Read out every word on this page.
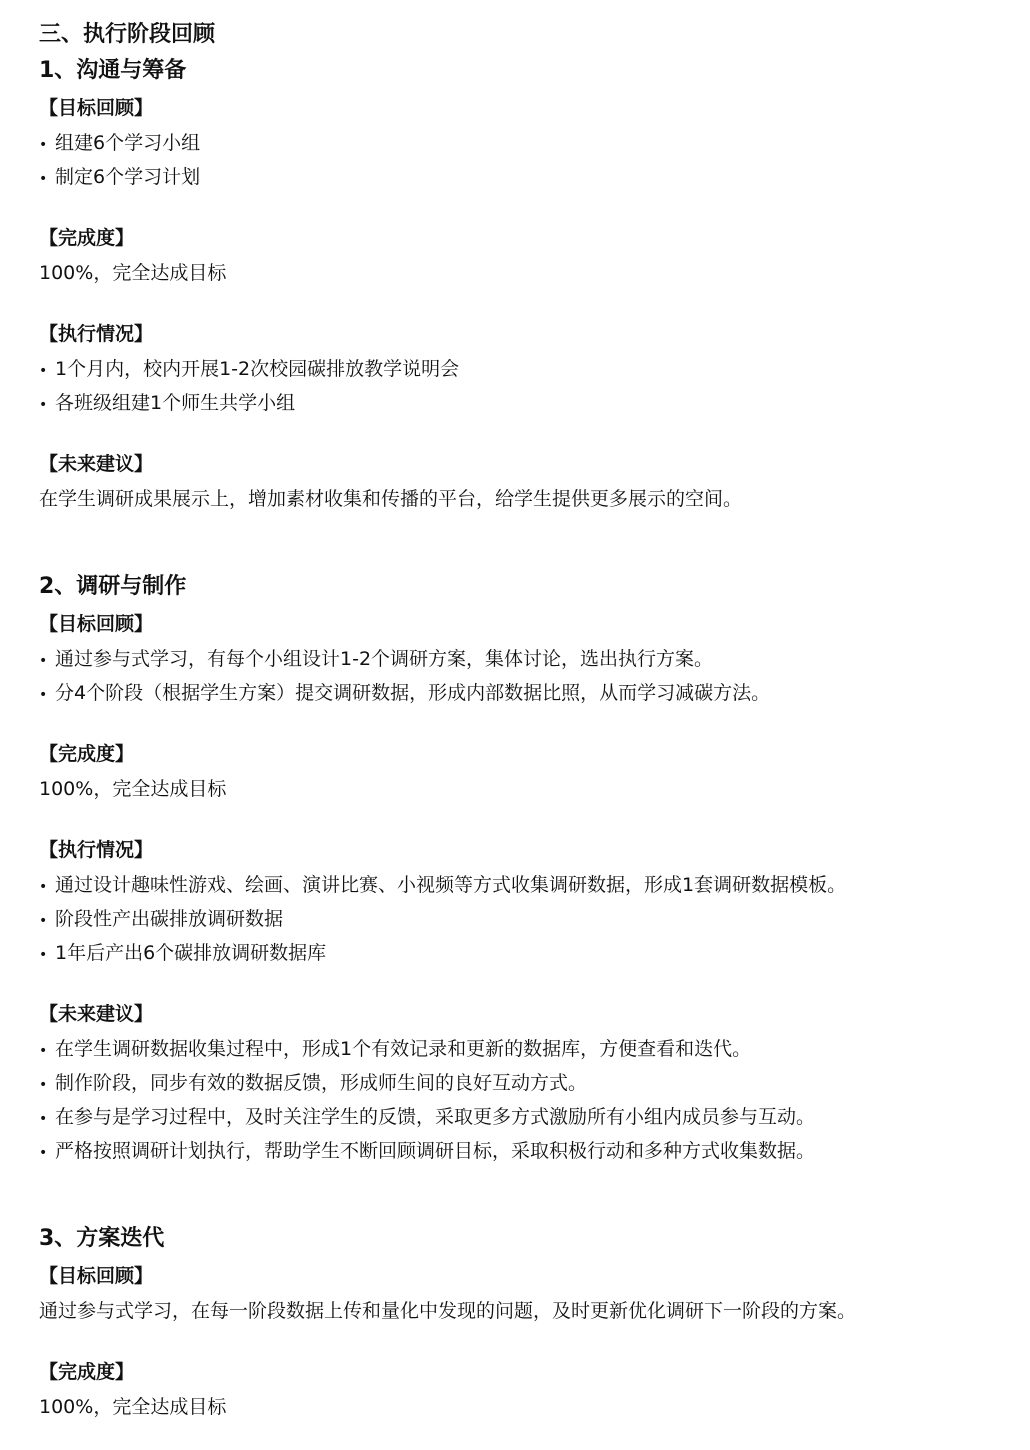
三、执行阶段回顾
1、沟通与筹备
【目标回顾】
• 组建6个学习小组
• 制定6个学习计划
【完成度】
100%，完全达成目标
【执行情况】
• 1个月内，校内开展1-2次校园碳排放教学说明会
• 各班级组建1个师生共学小组
【未来建议】
在学生调研成果展示上，增加素材收集和传播的平台，给学生提供更多展示的空间。
2、调研与制作
【目标回顾】
• 通过参与式学习，有每个小组设计1-2个调研方案，集体讨论，选出执行方案。
• 分4个阶段（根据学生方案）提交调研数据，形成内部数据比照，从而学习减碳方法。
【完成度】
100%，完全达成目标
【执行情况】
• 通过设计趣味性游戏、绘画、演讲比赛、小视频等方式收集调研数据，形成1套调研数据模板。
• 阶段性产出碳排放调研数据
• 1年后产出6个碳排放调研数据库
【未来建议】
• 在学生调研数据收集过程中，形成1个有效记录和更新的数据库，方便查看和迭代。
• 制作阶段，同步有效的数据反馈，形成师生间的良好互动方式。
• 在参与是学习过程中，及时关注学生的反馈，采取更多方式激励所有小组内成员参与互动。
• 严格按照调研计划执行，帮助学生不断回顾调研目标，采取积极行动和多种方式收集数据。
3、方案迭代
【目标回顾】
通过参与式学习，在每一阶段数据上传和量化中发现的问题，及时更新优化调研下一阶段的方案。
【完成度】
100%，完全达成目标
